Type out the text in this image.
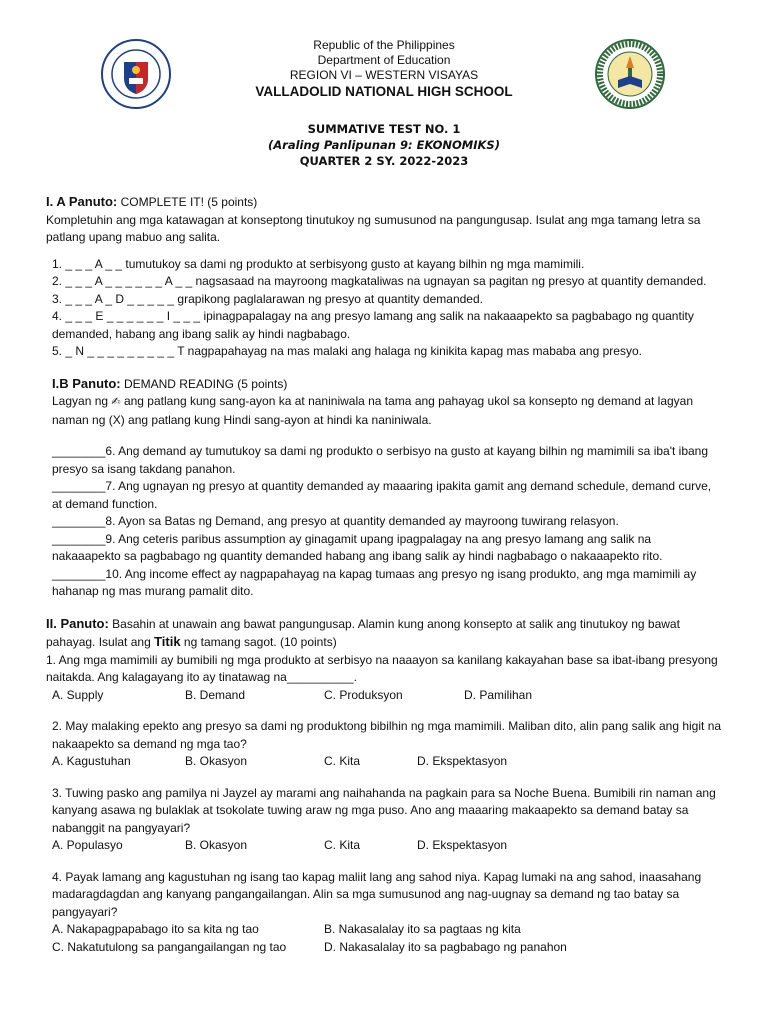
Republic of the Philippines
Department of Education
REGION VI – WESTERN VISAYAS
VALLADOLID NATIONAL HIGH SCHOOL
SUMMATIVE TEST NO. 1
(Araling Panlipunan 9: EKONOMIKS)
QUARTER 2 SY. 2022-2023

I. A Panuto: COMPLETE IT! (5 points)

Kompletuhin ang mga katawagan at konseptong tinutukoy ng sumusunod na pangungusap. Isulat ang mga tamang letra sa patlang upang mabuo ang salita.

1. _ _ _ A _ _ tumutukoy sa dami ng produkto at serbisyong gusto at kayang bilhin ng mga mamimili.

2. _ _ _ A _ _ _ _ _ _ A _ _ nagsasaad na mayroong magkataliwas na ugnayan sa pagitan ng presyo at quantity demanded.

3. _ _ _ A _ D _ _ _ _ _ grapikong paglalarawan ng presyo at quantity demanded.

4. _ _ _ E _ _ _ _ _ _ I _ _ _ ipinagpapalagay na ang presyo lamang ang salik na nakaaapekto sa pagbabago ng quantity demanded, habang ang ibang salik ay hindi nagbabago.

5. _ N _ _ _ _ _ _ _ _ _ T nagpapahayag na mas malaki ang halaga ng kinikita kapag mas mababa ang presyo.

I.B Panuto: DEMAND READING (5 points)

Lagyan ng ✍ ang patlang kung sang-ayon ka at naniniwala na tama ang pahayag ukol sa konsepto ng demand at lagyan naman ng (X) ang patlang kung Hindi sang-ayon at hindi ka naniniwala.

________6. Ang demand ay tumutukoy sa dami ng produkto o serbisyo na gusto at kayang bilhin ng mamimili sa iba't ibang presyo sa isang takdang panahon.

________7. Ang ugnayan ng presyo at quantity demanded ay maaaring ipakita gamit ang demand schedule, demand curve, at demand function.

________8. Ayon sa Batas ng Demand, ang presyo at quantity demanded ay mayroong tuwirang relasyon.

________9. Ang ceteris paribus assumption ay ginagamit upang ipagpalagay na ang presyo lamang ang salik na nakaaapekto sa pagbabago ng quantity demanded habang ang ibang salik ay hindi nagbabago o nakaaapekto rito.

________10. Ang income effect ay nagpapahayag na kapag tumaas ang presyo ng isang produkto, ang mga mamimili ay hahanap ng mas murang pamalit dito.

II. Panuto: Basahin at unawain ang bawat pangungusap. Alamin kung anong konsepto at salik ang tinutukoy ng bawat pahayag. Isulat ang Titik ng tamang sagot. (10 points)

1. Ang mga mamimili ay bumibili ng mga produkto at serbisyo na naaayon sa kanilang kakayahan base sa ibat-ibang presyong naitakda. Ang kalagayang ito ay tinatawag na__________.

A. Supply	B. Demand	C. Produksyon	D. Pamilihan

2. May malaking epekto ang presyo sa dami ng produktong bibilhin ng mga mamimili. Maliban dito, alin pang salik ang higit na nakaapekto sa demand ng mga tao?

A. Kagustuhan	B. Okasyon	C. Kita	D. Ekspektasyon

3. Tuwing pasko ang pamilya ni Jayzel ay marami ang naihahanda na pagkain para sa Noche Buena. Bumibili rin naman ang kanyang asawa ng bulaklak at tsokolate tuwing araw ng mga puso. Ano ang maaaring makaapekto sa demand batay sa nabanggit na pangyayari?

A. Populasyo	B. Okasyon	C. Kita	D. Ekspektasyon

4. Payak lamang ang kagustuhan ng isang tao kapag maliit lang ang sahod niya. Kapag lumaki na ang sahod, inaasahang madaragdagdan ang kanyang pangangailangan. Alin sa mga sumusunod ang nag-uugnay sa demand ng tao batay sa pangyayari?

A. Nakapagpapabago ito sa kita ng tao	B. Nakasalalay ito sa pagtaas ng kita
C. Nakatutulong sa pangangailangan ng tao	D. Nakasalalay ito sa pagbabago ng panahon
